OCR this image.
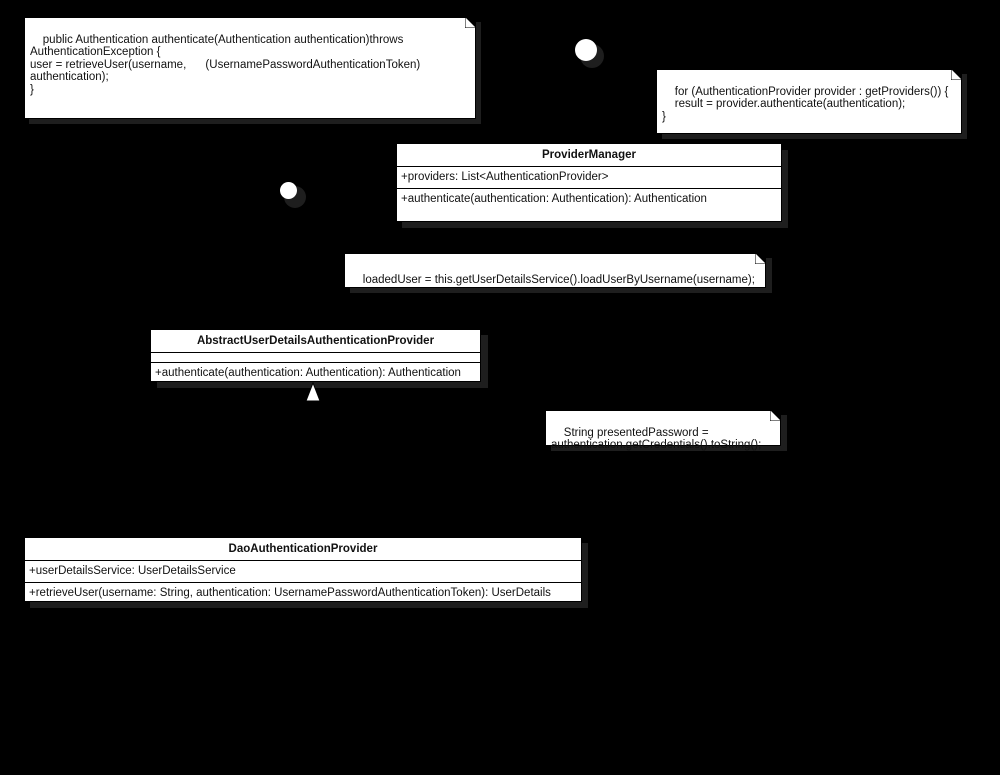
public Authentication authenticate(Authentication authentication)throws
AuthenticationException {
user = retrieveUser(username,      (UsernamePasswordAuthenticationToken)
authentication);
}

	for (AuthenticationProvider provider : getProviders()) {
result = provider.authenticate(authentication);
}

ProviderManager
+providers: List<AuthenticationProvider>
+authenticate(authentication: Authentication): Authentication

loadedUser = this.getUserDetailsService().loadUserByUsername(username);

AbstractUserDetailsAuthenticationProvider
+authenticate(authentication: Authentication): Authentication

String presentedPassword =
authentication.getCredentials().toString();

DaoAuthenticationProvider
+userDetailsService: UserDetailsService
+retrieveUser(username: String, authentication: UsernamePasswordAuthenticationToken): UserDetails
